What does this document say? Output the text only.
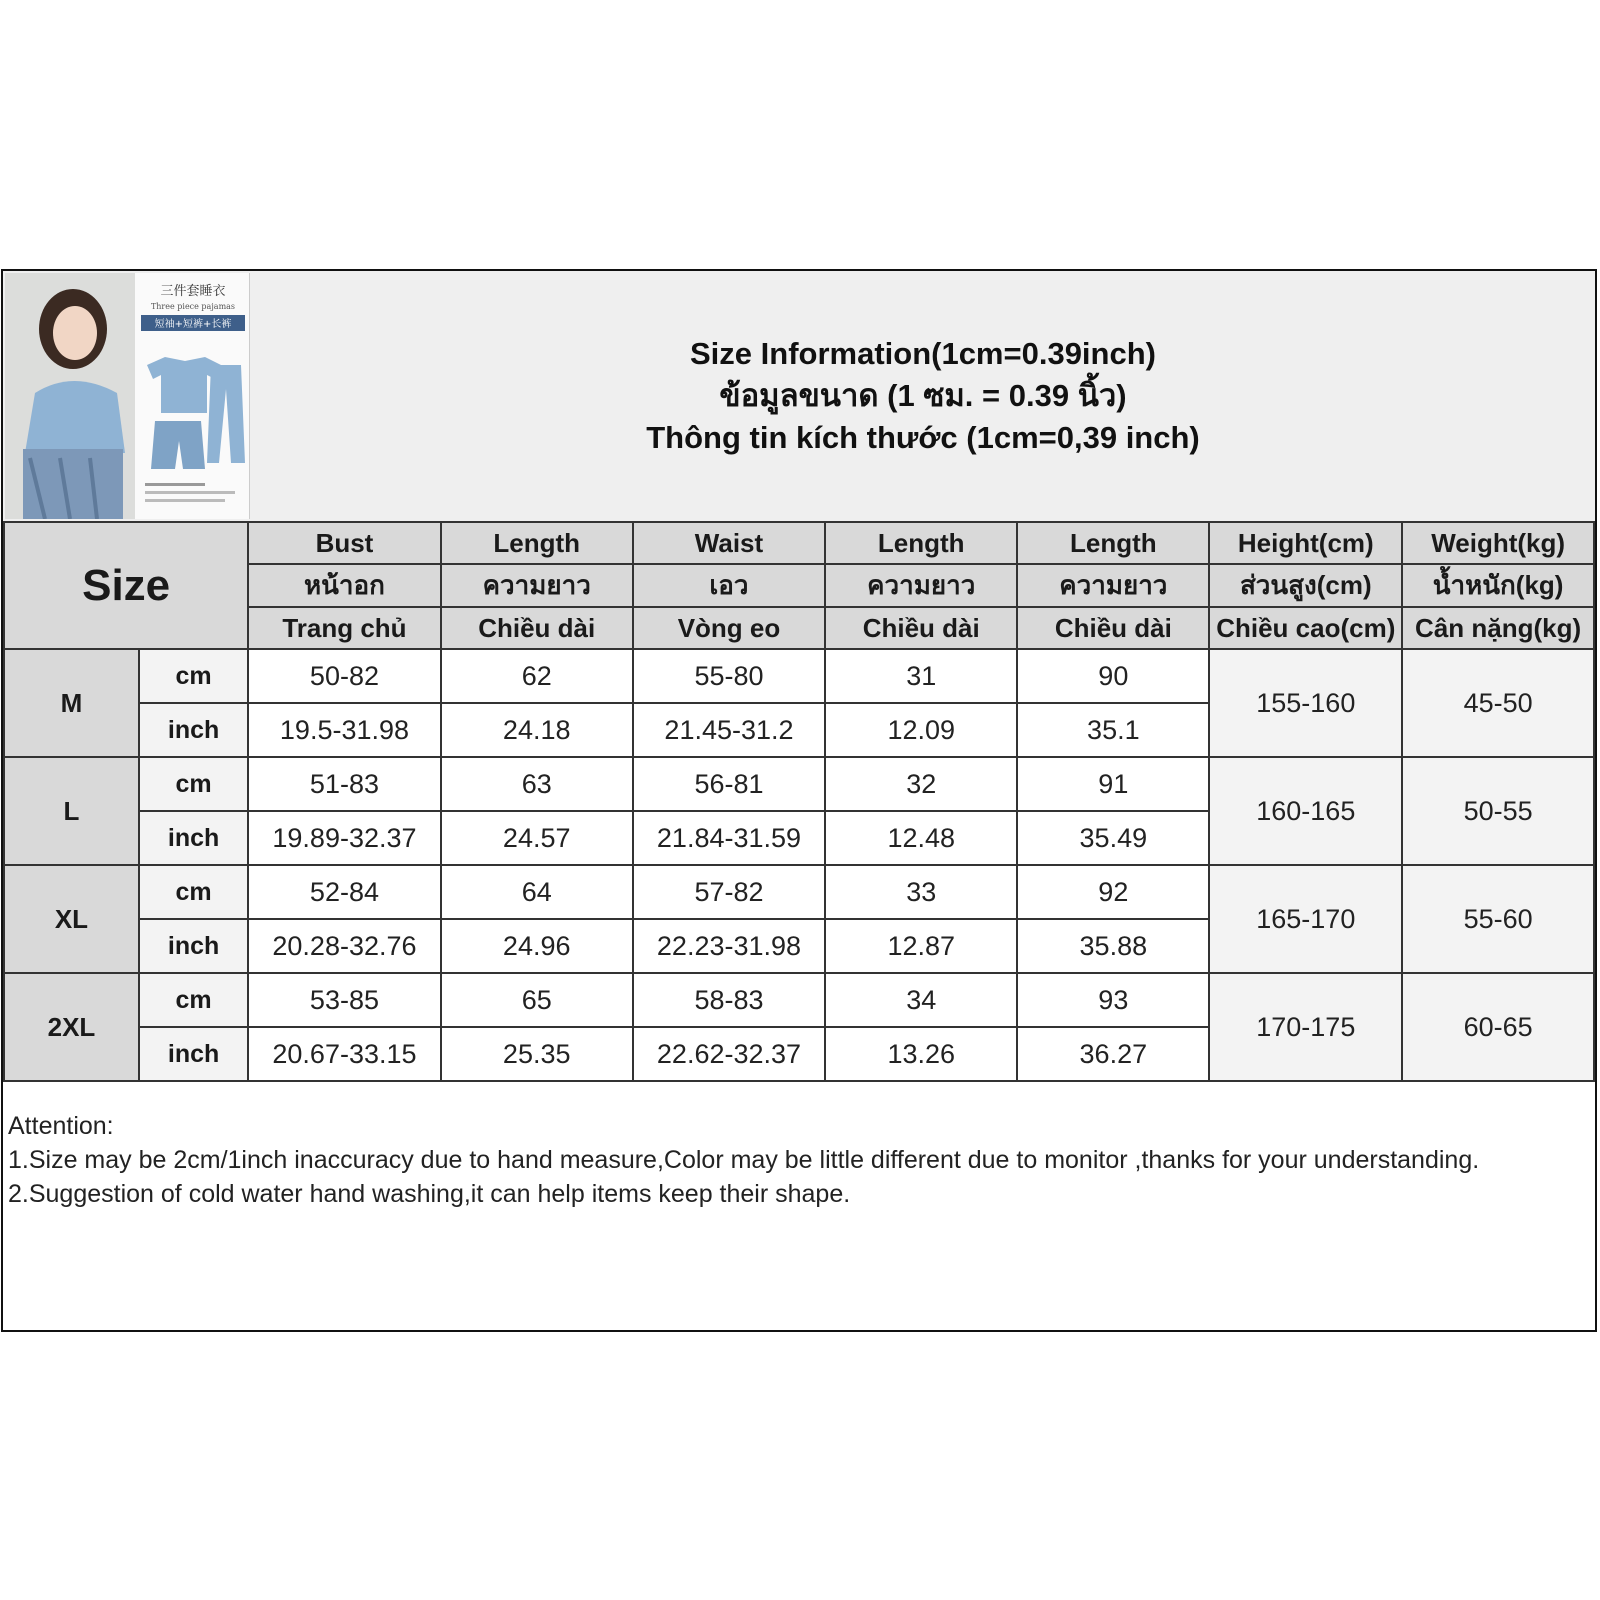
三件套睡衣
Three piece pajamas
短袖+短裤+长裤
Size Information(1cm=0.39inch)
ข้อมูลขนาด (1 ซม. = 0.39 นิ้ว)
Thông tin kích thước (1cm=0,39 inch)
Size		Bust	Length	Waist	Length	Length	Height(cm)	Weight(kg)
		หน้าอก	ความยาว	เอว	ความยาว	ความยาว	ส่วนสูง(cm)	น้ำหนัก(kg)
		Trang chủ	Chiều dài	Vòng eo	Chiều dài	Chiều dài	Chiều cao(cm)	Cân nặng(kg)
M	cm	50-82	62	55-80	31	90	155-160	45-50
	inch	19.5-31.98	24.18	21.45-31.2	12.09	35.1		
L	cm	51-83	63	56-81	32	91	160-165	50-55
	inch	19.89-32.37	24.57	21.84-31.59	12.48	35.49		
XL	cm	52-84	64	57-82	33	92	165-170	55-60
	inch	20.28-32.76	24.96	22.23-31.98	12.87	35.88		
2XL	cm	53-85	65	58-83	34	93	170-175	60-65
	inch	20.67-33.15	25.35	22.62-32.37	13.26	36.27		
Attention:
1.Size may be 2cm/1inch inaccuracy due to hand measure,Color may be little different due to monitor ,thanks for your understanding.
2.Suggestion of cold water hand washing,it can help items keep their shape.
